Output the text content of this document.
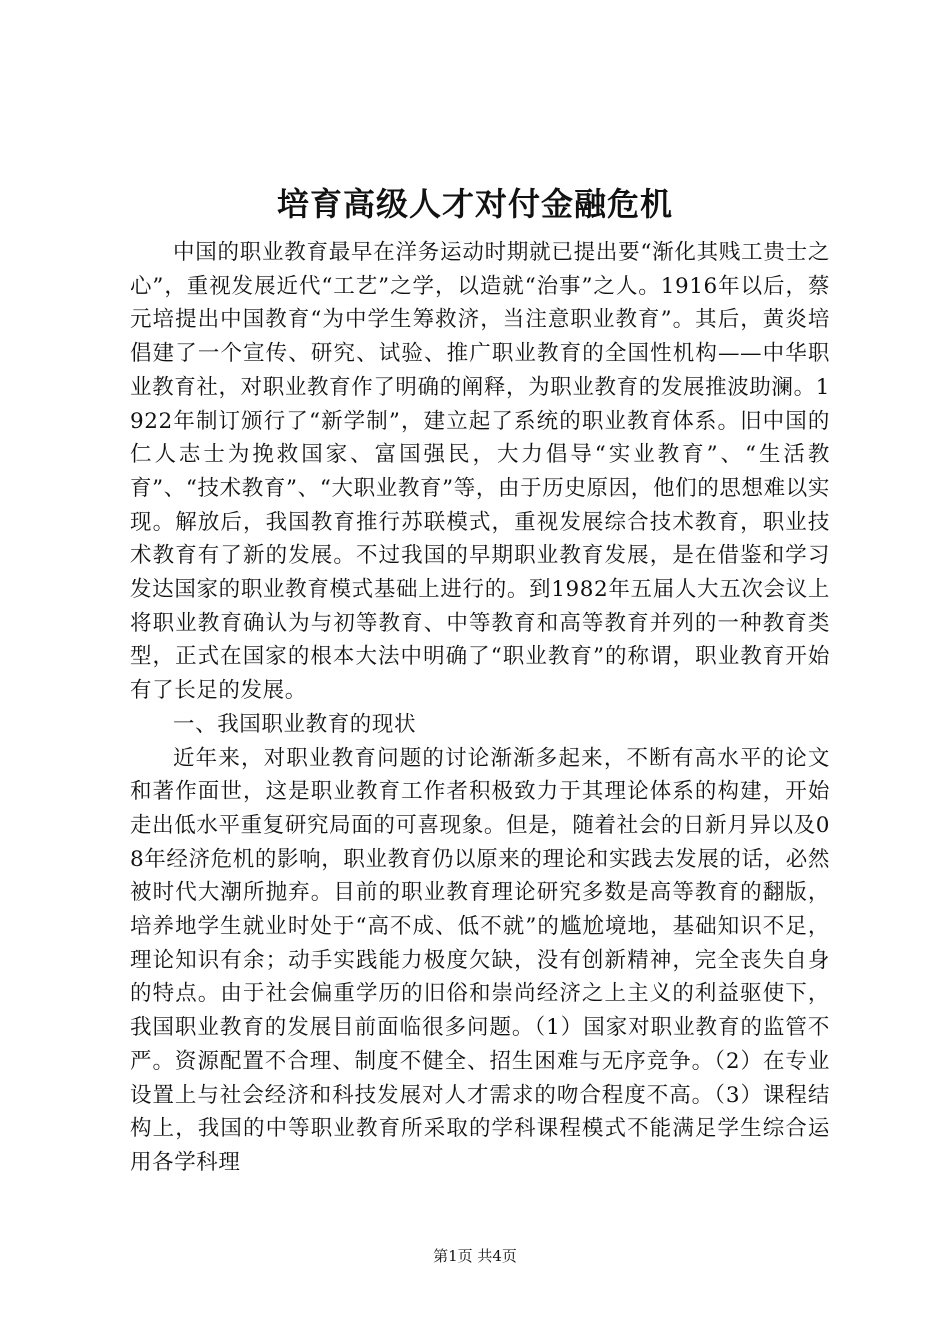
培育高级人才对付金融危机

中国的职业教育最早在洋务运动时期就已提出要“渐化其贱工贵士之心”，重视发展近代“工艺”之学，以造就“治事”之人。1916年以后，蔡元培提出中国教育“为中学生筹救济，当注意职业教育”。其后，黄炎培倡建了一个宣传、研究、试验、推广职业教育的全国性机构——中华职业教育社，对职业教育作了明确的阐释，为职业教育的发展推波助澜。1922年制订颁行了“新学制”，建立起了系统的职业教育体系。旧中国的仁人志士为挽救国家、富国强民，大力倡导“实业教育”、“生活教育”、“技术教育”、“大职业教育”等，由于历史原因，他们的思想难以实现。解放后，我国教育推行苏联模式，重视发展综合技术教育，职业技术教育有了新的发展。不过我国的早期职业教育发展，是在借鉴和学习发达国家的职业教育模式基础上进行的。到1982年五届人大五次会议上将职业教育确认为与初等教育、中等教育和高等教育并列的一种教育类型，正式在国家的根本大法中明确了“职业教育”的称谓，职业教育开始有了长足的发展。

一、我国职业教育的现状

近年来，对职业教育问题的讨论渐渐多起来，不断有高水平的论文和著作面世，这是职业教育工作者积极致力于其理论体系的构建，开始走出低水平重复研究局面的可喜现象。但是，随着社会的日新月异以及08年经济危机的影响，职业教育仍以原来的理论和实践去发展的话，必然被时代大潮所抛弃。目前的职业教育理论研究多数是高等教育的翻版，培养地学生就业时处于“高不成、低不就”的尴尬境地，基础知识不足，理论知识有余；动手实践能力极度欠缺，没有创新精神，完全丧失自身的特点。由于社会偏重学历的旧俗和崇尚经济之上主义的利益驱使下，我国职业教育的发展目前面临很多问题。（1）国家对职业教育的监管不严。资源配置不合理、制度不健全、招生困难与无序竞争。（2）在专业设置上与社会经济和科技发展对人才需求的吻合程度不高。（3）课程结构上，我国的中等职业教育所采取的学科课程模式不能满足学生综合运用各学科理

第1页 共4页
